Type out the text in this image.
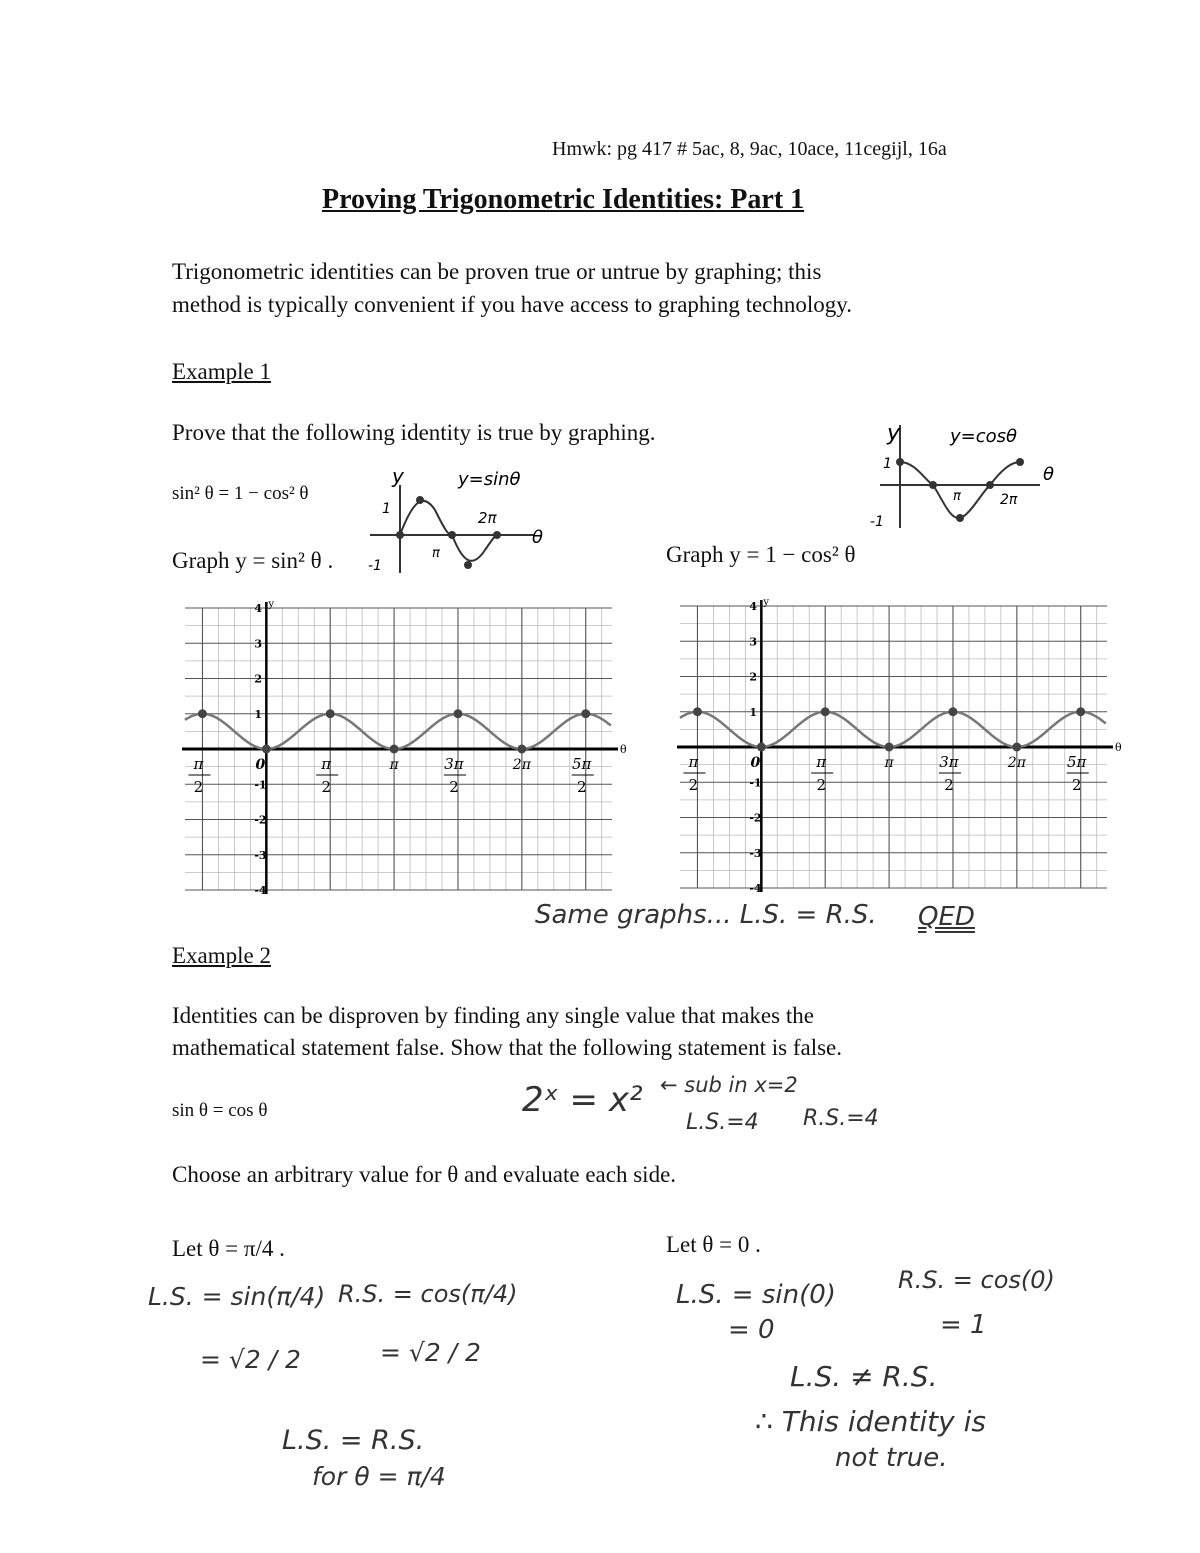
Hmwk: pg 417 # 5ac, 8, 9ac, 10ace, 11cegijl, 16a
Proving Trigonometric Identities: Part 1
Trigonometric identities can be proven true or untrue by graphing; this
method is typically convenient if you have access to graphing technology.
Example 1
Prove that the following identity is true by graphing.
sin² θ = 1 − cos² θ
Graph y = sin² θ .	Graph y = 1 − cos² θ
y	y=sinθ
1
-1
π
2π
θ
y	y=cosθ
1
-1
π	2π
θ
θ
y
4
3
2
1
-1
-2
-3
-4
π
2
0	π
2
π	3π
2
2π	5π
2
θ
y
4
3
2
1
-1
-2
-3
-4
π
2
0	π
2
π	3π
2
2π	5π
2
Same graphs... L.S. = R.S. QED
Example 2
Identities can be disproven by finding any single value that makes the
mathematical statement false. Show that the following statement is false.
sin θ = cos θ	2ˣ = x² ← sub in x=2
L.S.=4 R.S.=4
Choose an arbitrary value for θ and evaluate each side.
Let θ = π/4 .	Let θ = 0 .
L.S. = sin(π/4) R.S. = cos(π/4)
= √2 / 2	= √2 / 2
L.S. = R.S.
for θ = π/4
L.S. = sin(0)	R.S. = cos(0)
= 0	= 1
L.S. ≠ R.S.
∴ This identity is
not true.
